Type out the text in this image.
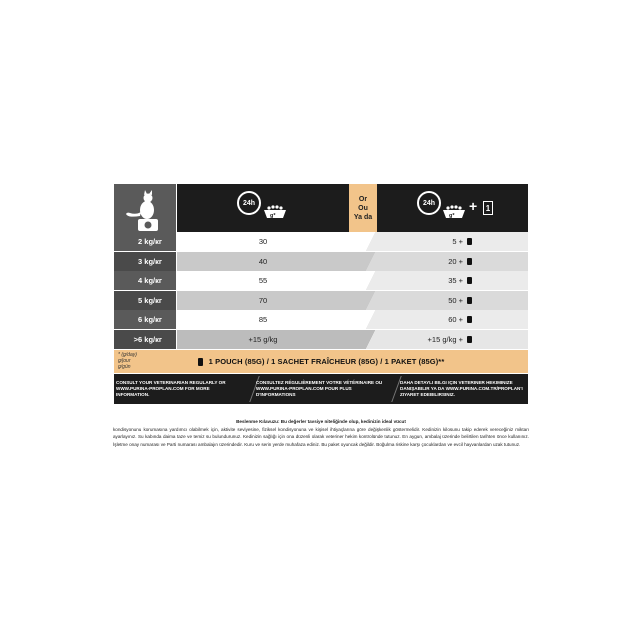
24h
g*
Or
Ou
Ya da
24h
g*
+	1
2 kg/кг	30	5 +
3 kg/кг	40	20 +
4 kg/кг	55	35 +
5 kg/кг	70	50 +
6 kg/кг	85	60 +
>6 kg/кг	+15 g/kg	+15 g/kg +
* (g/day)
g/jour
g/gün
1 POUCH (85G) / 1 SACHET FRAÎCHEUR (85G) / 1 PAKET (85G)**
CONSULT YOUR VETERINARIAN REGULARLY OR WWW.PURINA-PROPLAN.COM FOR MORE INFORMATION.
CONSULTEZ RÉGULIÈREMENT VOTRE VÉTÉRINAIRE OU WWW.PURINA-PROPLAN.COM POUR PLUS D'INFORMATIONS
DAHA DETAYLI BILGI IÇIN VETERINER HEKIMINIZE DANIŞABILIR YA DA WWW.PURINA.COM.TR/PROPLAN'I ZIYARET EDEBILIRSINIZ.
Beslenme Kılavuzu: Bu değerler tavsiye niteliğinde olup, kedinizin ideal vücut
kondisyonunu korumasına yardımcı olabilmek için, aktivite seviyesine, fiziksel kondisyonuna ve kişisel ihtiyaçlarına göre değişkenlik göstermelidir. Kedinizin kilosunu takip ederek vereceğiniz miktarı ayarlayınız. Su kabında daima taze ve temiz su bulundurunuz. Kedinizin sağlığı için ona düzenli olarak veteriner hekim kontrolünde tutunuz. En aygun, ambalaj üzerinde belirtilen tarihten önce kullanınız. İşletme onay numarası ve Parti numarası ambalajın üzerindedir. Kuru ve serin yerde muhafaza ediniz. Bu paket oyuncak değildir. Boğulma riskine karşı çocuklardan ve evcil hayvanlardan uzak tutunuz.
